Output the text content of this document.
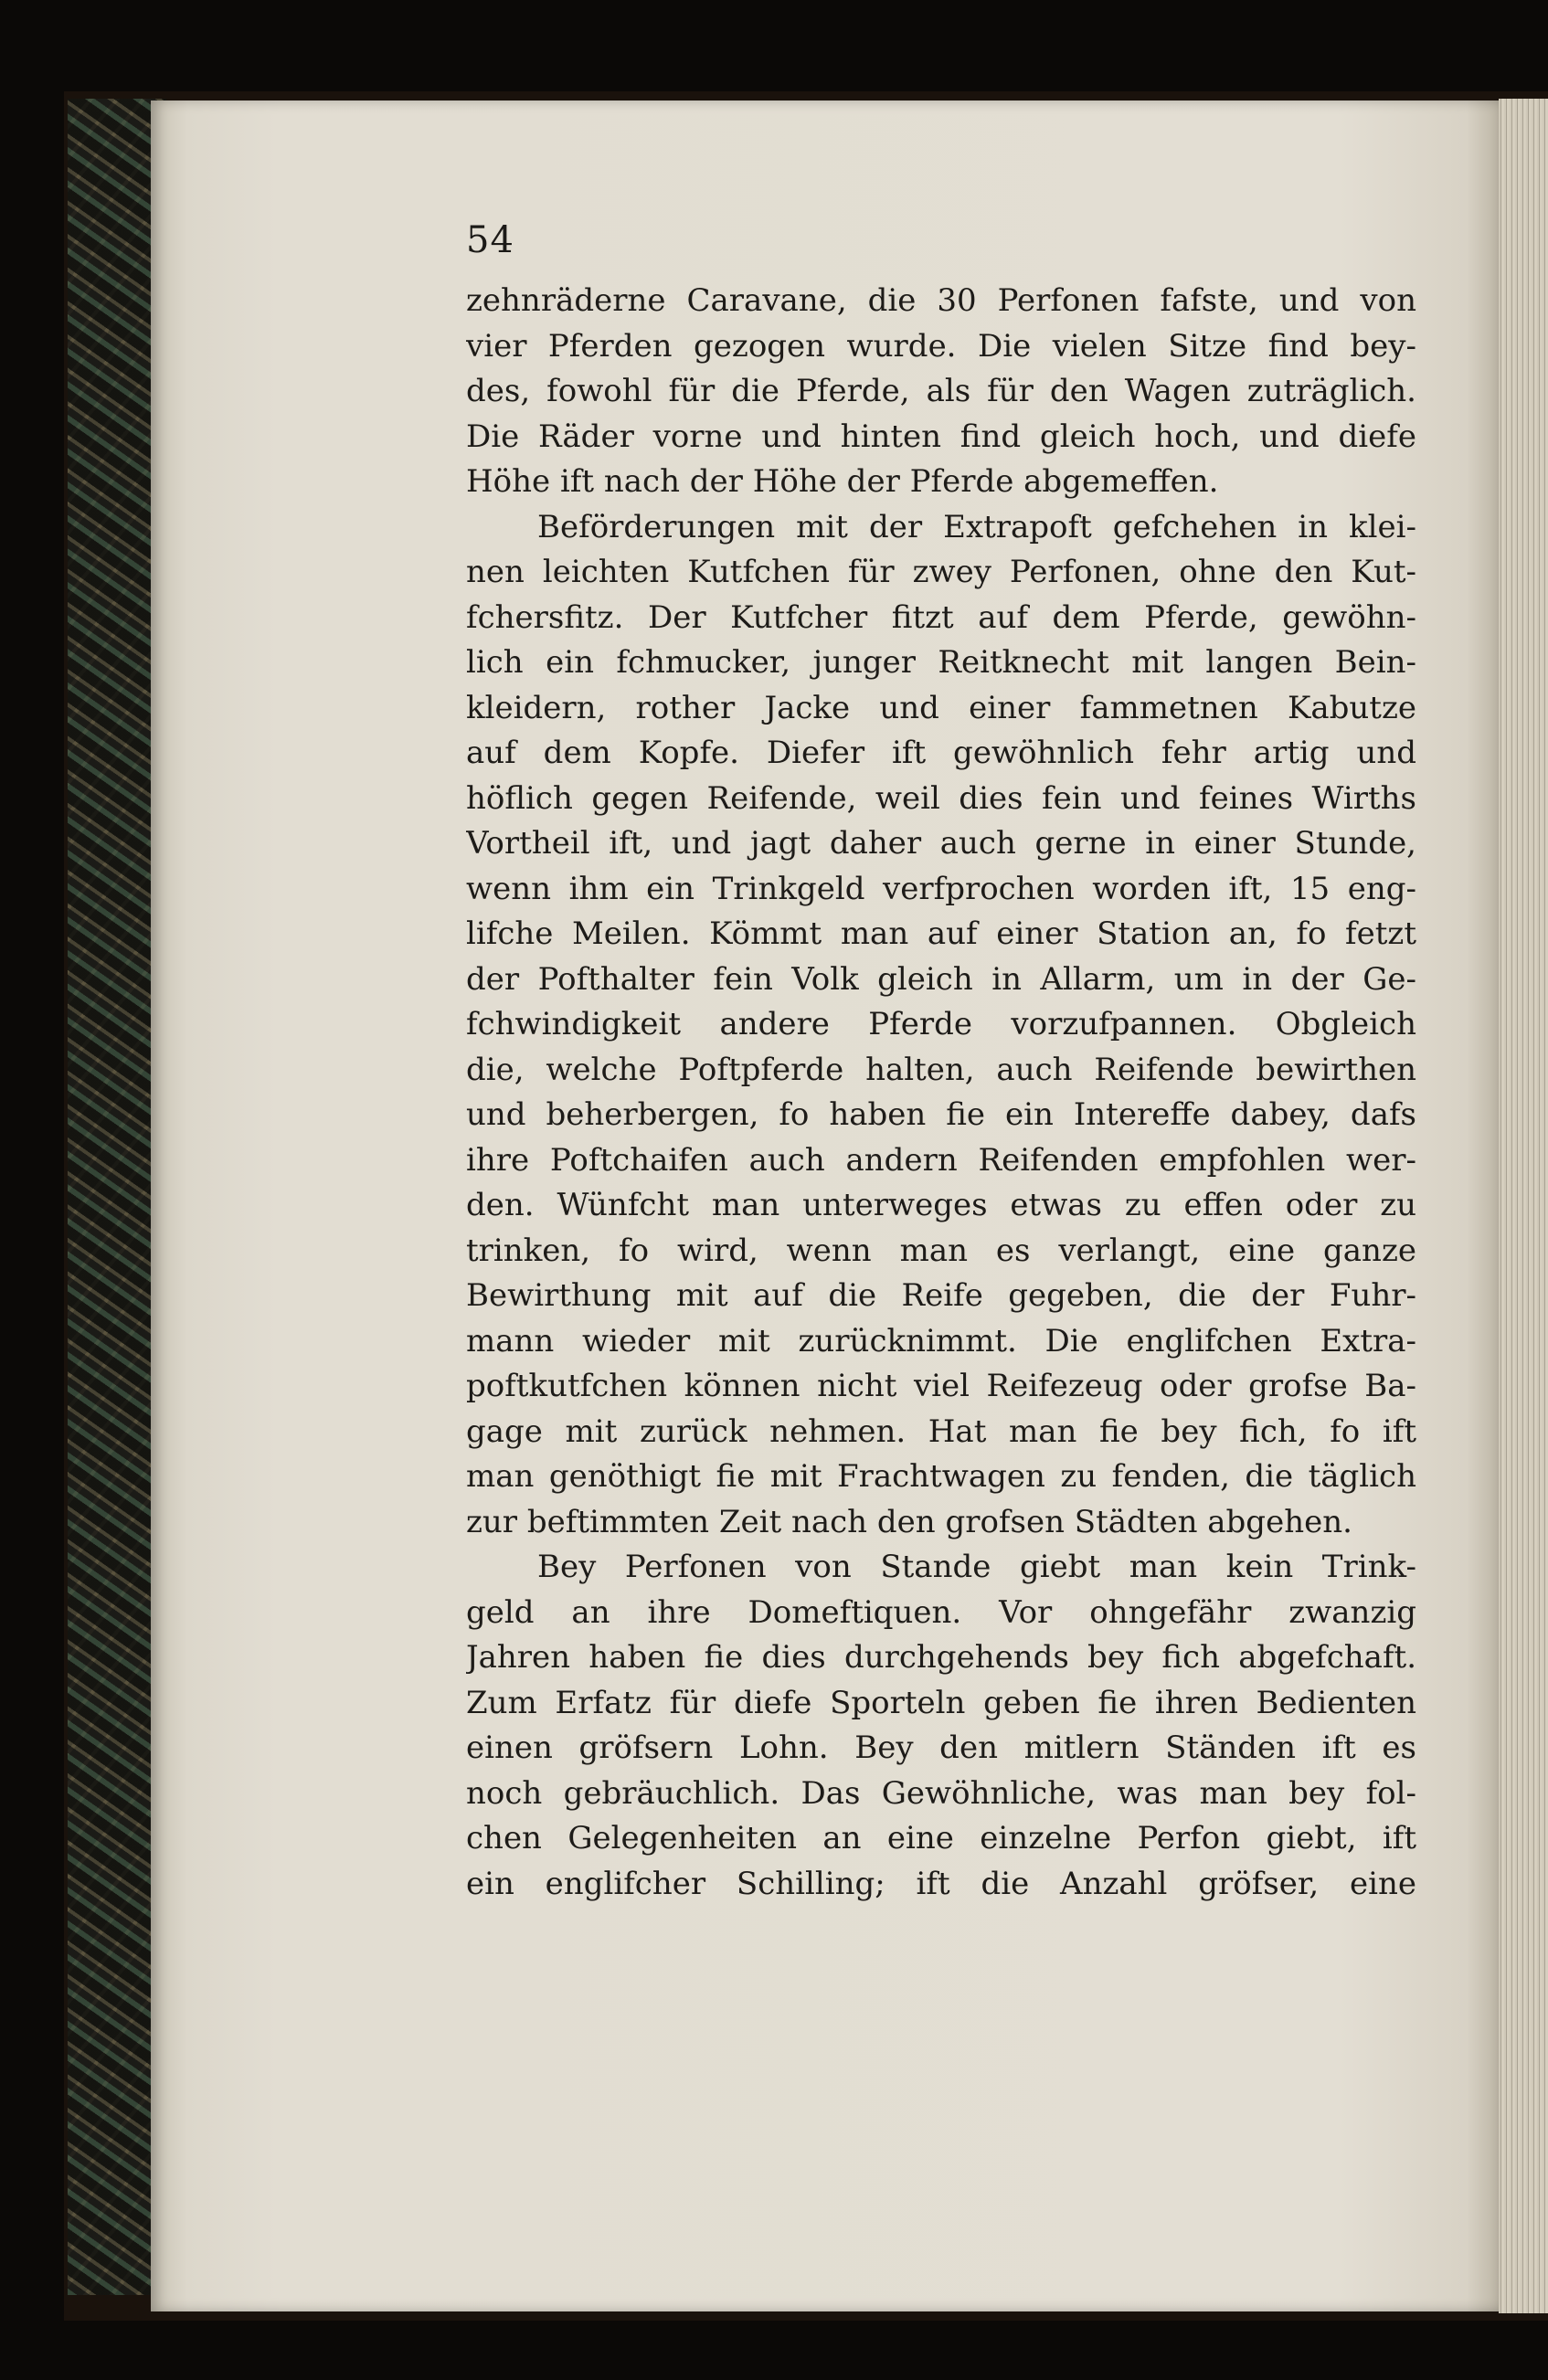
54
zehnräderne Caravane, die 30 Perfonen fafste, und von
vier Pferden gezogen wurde. Die vielen Sitze find bey-
des, fowohl für die Pferde, als für den Wagen zuträglich.
Die Räder vorne und hinten find gleich hoch, und diefe
Höhe ift nach der Höhe der Pferde abgemeffen.
Beförderungen mit der Extrapoft gefchehen in klei-
nen leichten Kutfchen für zwey Perfonen, ohne den Kut-
fchersfitz. Der Kutfcher fitzt auf dem Pferde, gewöhn-
lich ein fchmucker, junger Reitknecht mit langen Bein-
kleidern, rother Jacke und einer fammetnen Kabutze
auf dem Kopfe. Diefer ift gewöhnlich fehr artig und
höflich gegen Reifende, weil dies fein und feines Wirths
Vortheil ift, und jagt daher auch gerne in einer Stunde,
wenn ihm ein Trinkgeld verfprochen worden ift, 15 eng-
lifche Meilen. Kömmt man auf einer Station an, fo fetzt
der Pofthalter fein Volk gleich in Allarm, um in der Ge-
fchwindigkeit andere Pferde vorzufpannen. Obgleich
die, welche Poftpferde halten, auch Reifende bewirthen
und beherbergen, fo haben fie ein Intereffe dabey, dafs
ihre Poftchaifen auch andern Reifenden empfohlen wer-
den. Wünfcht man unterweges etwas zu effen oder zu
trinken, fo wird, wenn man es verlangt, eine ganze
Bewirthung mit auf die Reife gegeben, die der Fuhr-
mann wieder mit zurücknimmt. Die englifchen Extra-
poftkutfchen können nicht viel Reifezeug oder grofse Ba-
gage mit zurück nehmen. Hat man fie bey fich, fo ift
man genöthigt fie mit Frachtwagen zu fenden, die täglich
zur beftimmten Zeit nach den grofsen Städten abgehen.
Bey Perfonen von Stande giebt man kein Trink-
geld an ihre Domeftiquen. Vor ohngefähr zwanzig
Jahren haben fie dies durchgehends bey fich abgefchaft.
Zum Erfatz für diefe Sporteln geben fie ihren Bedienten
einen gröfsern Lohn. Bey den mitlern Ständen ift es
noch gebräuchlich. Das Gewöhnliche, was man bey fol-
chen Gelegenheiten an eine einzelne Perfon giebt, ift
ein englifcher Schilling; ift die Anzahl gröfser, eine
